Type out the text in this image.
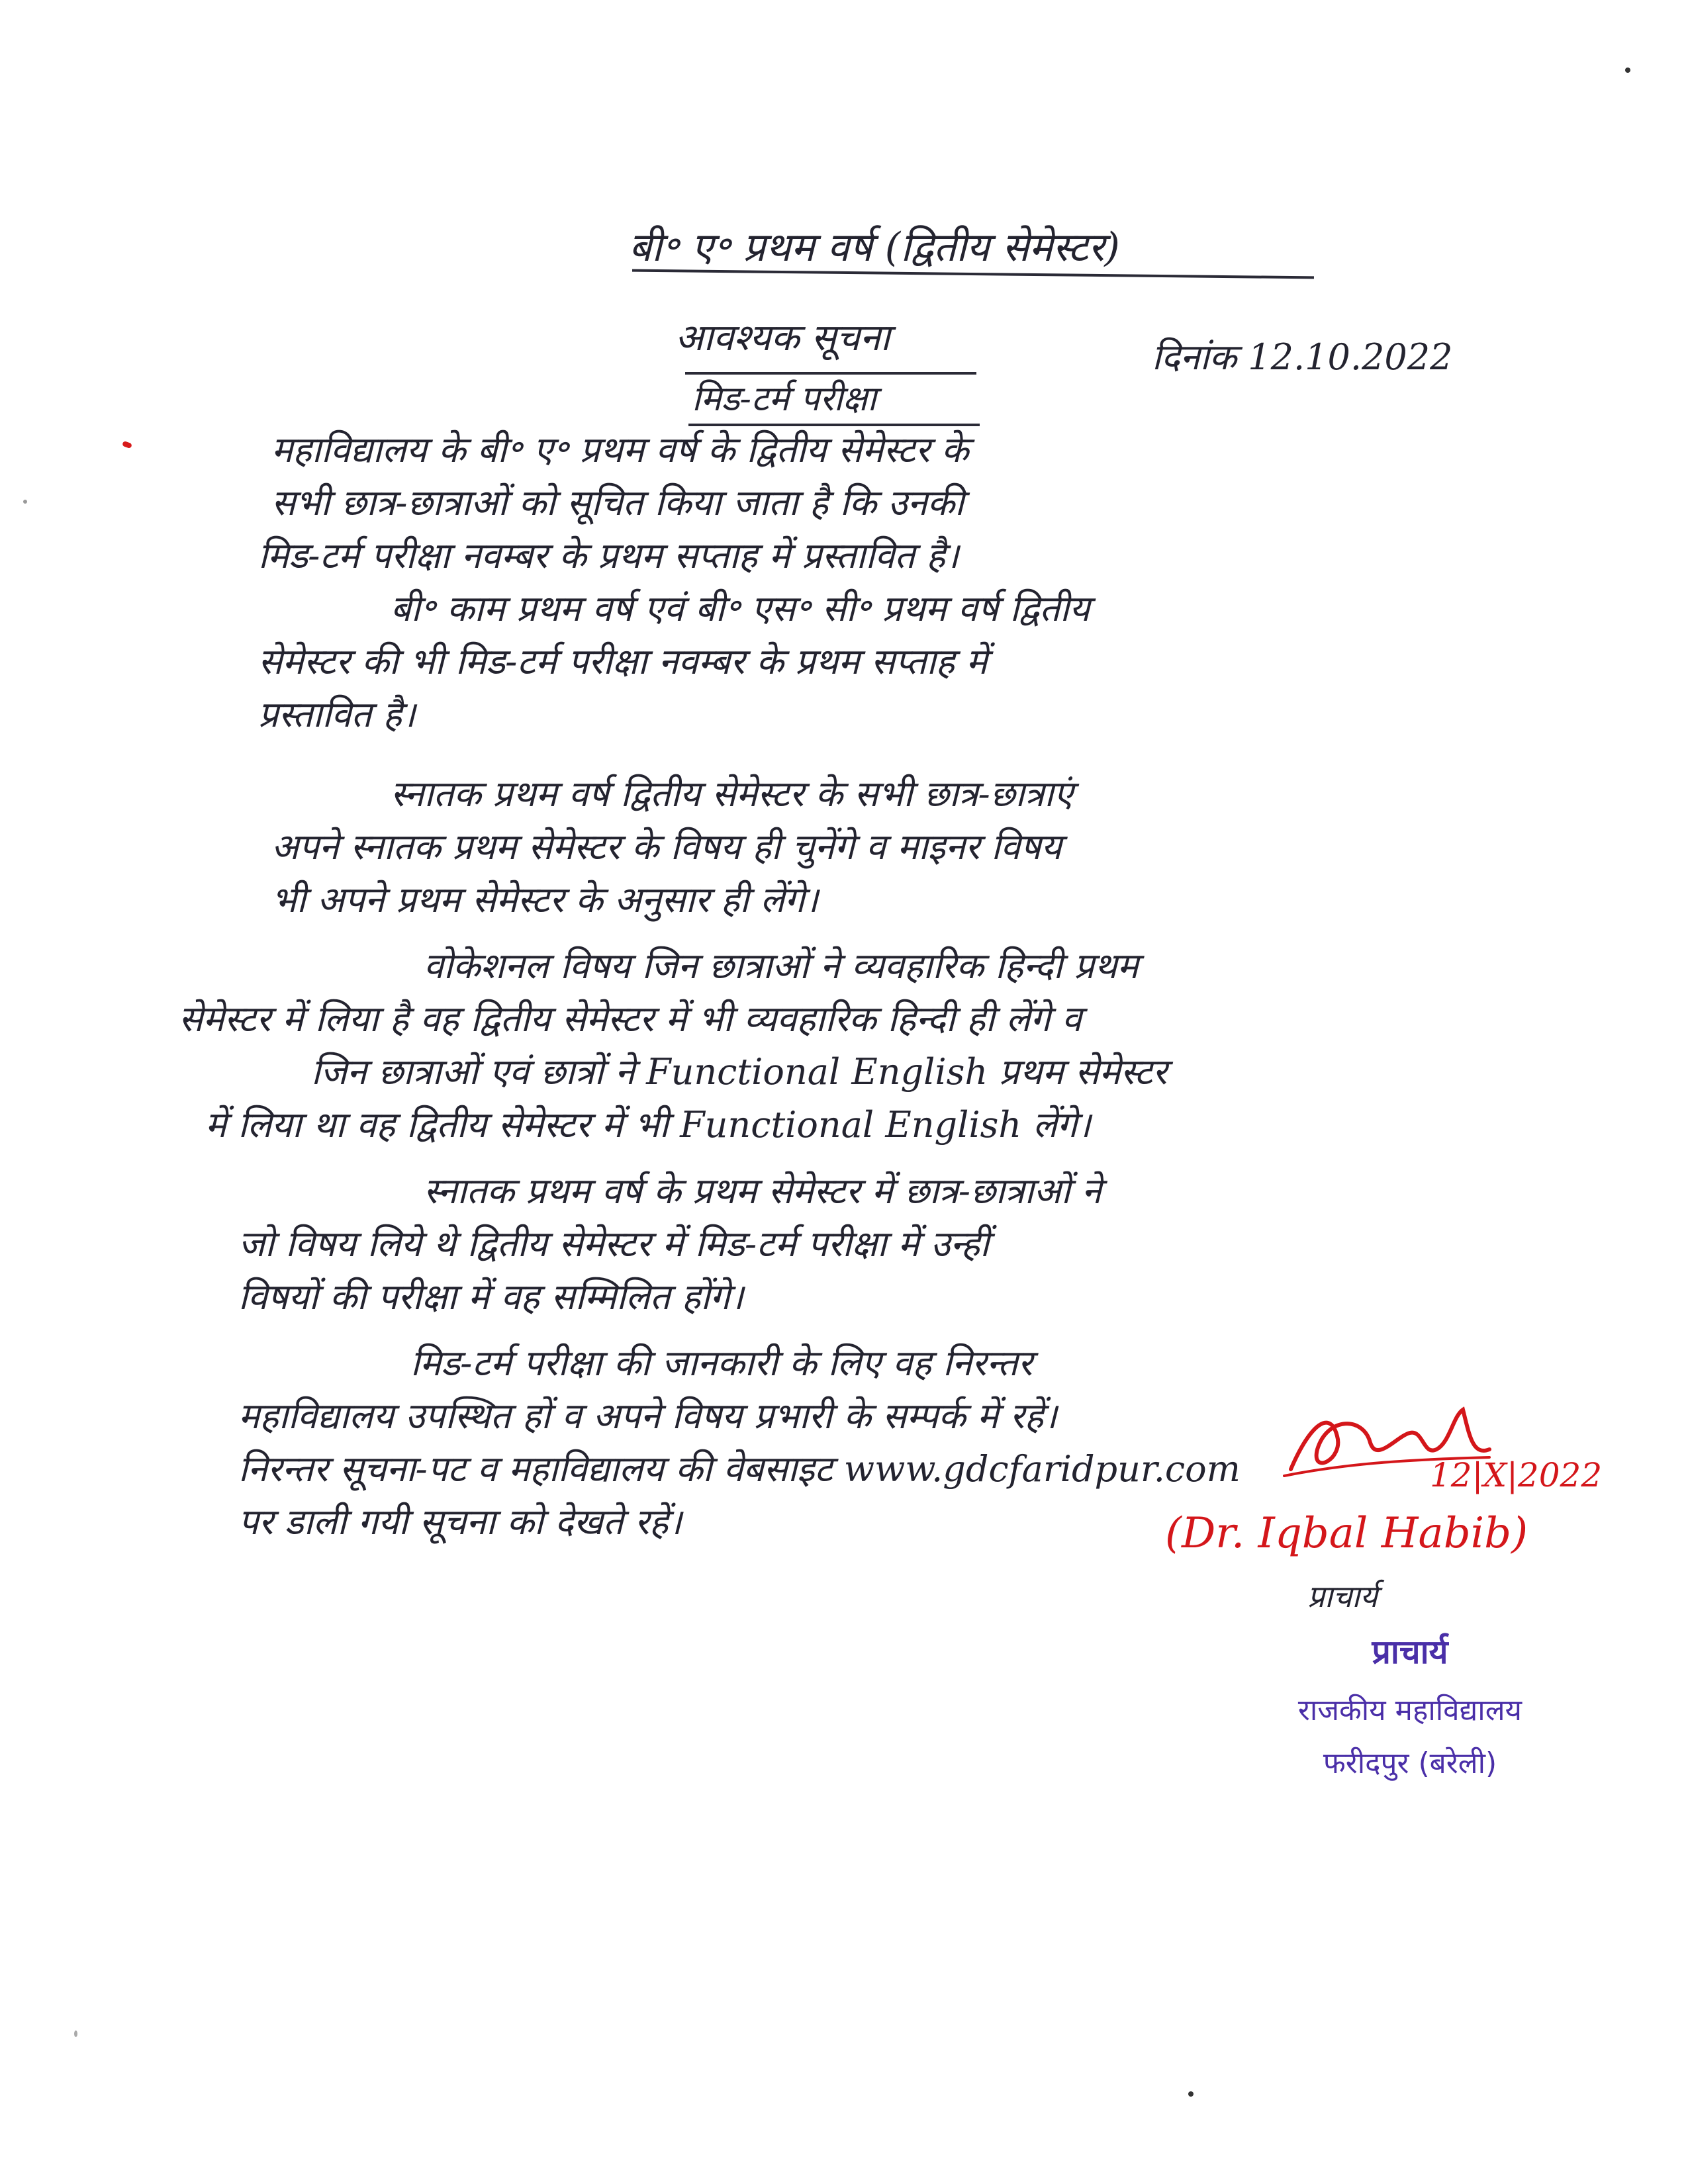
बी॰ ए॰ प्रथम वर्ष (द्वितीय सेमेस्टर)
आवश्यक सूचना
मिड-टर्म परीक्षा
दिनांक 12.10.2022
महाविद्यालय के बी॰ ए॰ प्रथम वर्ष के द्वितीय सेमेस्टर के
सभी छात्र-छात्राओं को सूचित किया जाता है कि उनकी
मिड-टर्म परीक्षा नवम्बर के प्रथम सप्ताह में प्रस्तावित है।
बी॰ काम प्रथम वर्ष एवं बी॰ एस॰ सी॰ प्रथम वर्ष द्वितीय
सेमेस्टर की भी मिड-टर्म परीक्षा नवम्बर के प्रथम सप्ताह में
प्रस्तावित है।
स्नातक प्रथम वर्ष द्वितीय सेमेस्टर के सभी छात्र-छात्राएं
अपने स्नातक प्रथम सेमेस्टर के विषय ही चुनेंगे व माइनर विषय
भी अपने प्रथम सेमेस्टर के अनुसार ही लेंगे।
वोकेशनल विषय जिन छात्राओं ने व्यवहारिक हिन्दी प्रथम
सेमेस्टर में लिया है वह द्वितीय सेमेस्टर में भी व्यवहारिक हिन्दी ही लेंगे व
जिन छात्राओं एवं छात्रों ने Functional English प्रथम सेमेस्टर
में लिया था वह द्वितीय सेमेस्टर में भी Functional English लेंगे।
स्नातक प्रथम वर्ष के प्रथम सेमेस्टर में छात्र-छात्राओं ने
जो विषय लिये थे द्वितीय सेमेस्टर में मिड-टर्म परीक्षा में उन्हीं
विषयों की परीक्षा में वह सम्मिलित होंगे।
मिड-टर्म परीक्षा की जानकारी के लिए वह निरन्तर
महाविद्यालय उपस्थित हों व अपने विषय प्रभारी के सम्पर्क में रहें।
निरन्तर सूचना-पट व महाविद्यालय की वेबसाइट www.gdcfaridpur.com
पर डाली गयी सूचना को देखते रहें।
12|X|2022
(Dr. Iqbal Habib)
प्राचार्य
प्राचार्य
राजकीय महाविद्यालय
फरीदपुर (बरेली)
